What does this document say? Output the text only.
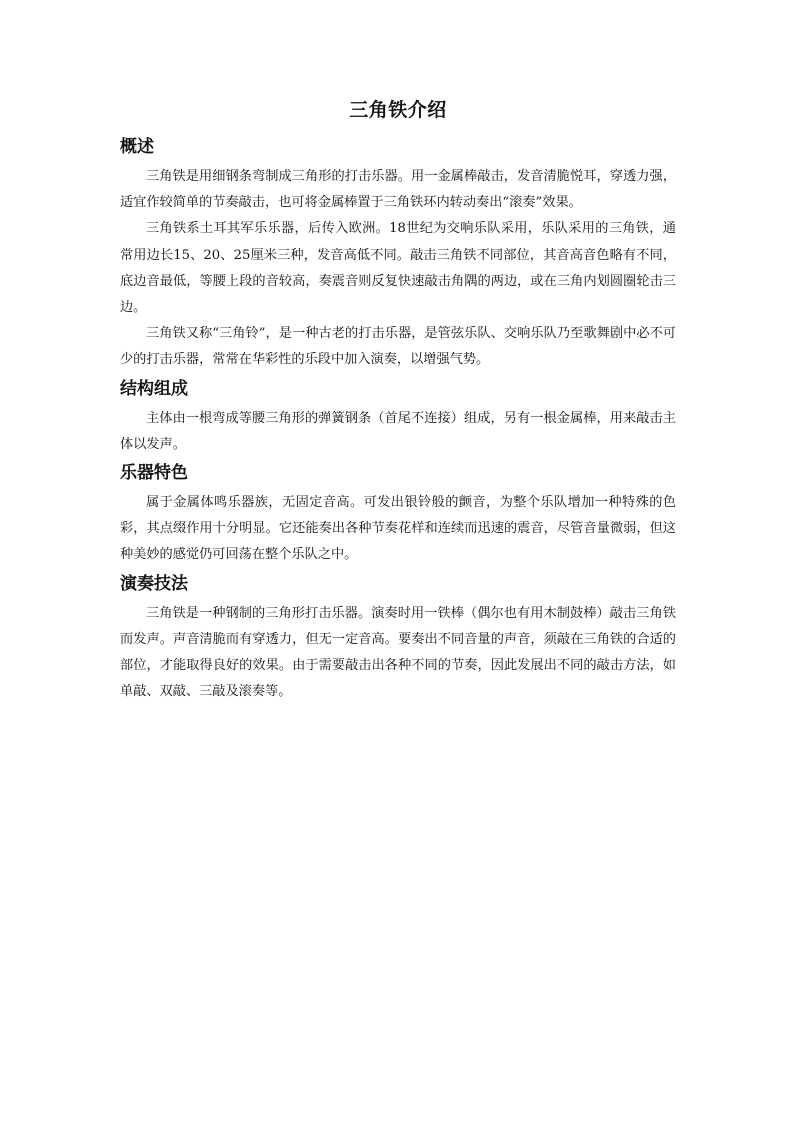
三角铁介绍
概述

三角铁是用细钢条弯制成三角形的打击乐器。用一金属棒敲击，发音清脆悦耳，穿透力强，适宜作较简单的节奏敲击，也可将金属棒置于三角铁环内转动奏出“滚奏”效果。

三角铁系土耳其军乐乐器，后传入欧洲。18世纪为交响乐队采用，乐队采用的三角铁，通常用边长15、20、25厘米三种，发音高低不同。敲击三角铁不同部位，其音高音色略有不同，底边音最低，等腰上段的音较高，奏震音则反复快速敲击角隅的两边，或在三角内划圆圈轮击三边。

三角铁又称“三角铃”，是一种古老的打击乐器，是管弦乐队、交响乐队乃至歌舞剧中必不可少的打击乐器，常常在华彩性的乐段中加入演奏，以增强气势。

结构组成

主体由一根弯成等腰三角形的弹簧钢条（首尾不连接）组成，另有一根金属棒，用来敲击主体以发声。

乐器特色

属于金属体鸣乐器族，无固定音高。可发出银铃般的颤音，为整个乐队增加一种特殊的色彩，其点缀作用十分明显。它还能奏出各种节奏花样和连续而迅速的震音，尽管音量微弱，但这种美妙的感觉仍可回荡在整个乐队之中。

演奏技法

三角铁是一种钢制的三角形打击乐器。演奏时用一铁棒（偶尔也有用木制鼓棒）敲击三角铁而发声。声音清脆而有穿透力，但无一定音高。要奏出不同音量的声音，须敲在三角铁的合适的部位，才能取得良好的效果。由于需要敲击出各种不同的节奏，因此发展出不同的敲击方法，如单敲、双敲、三敲及滚奏等。
